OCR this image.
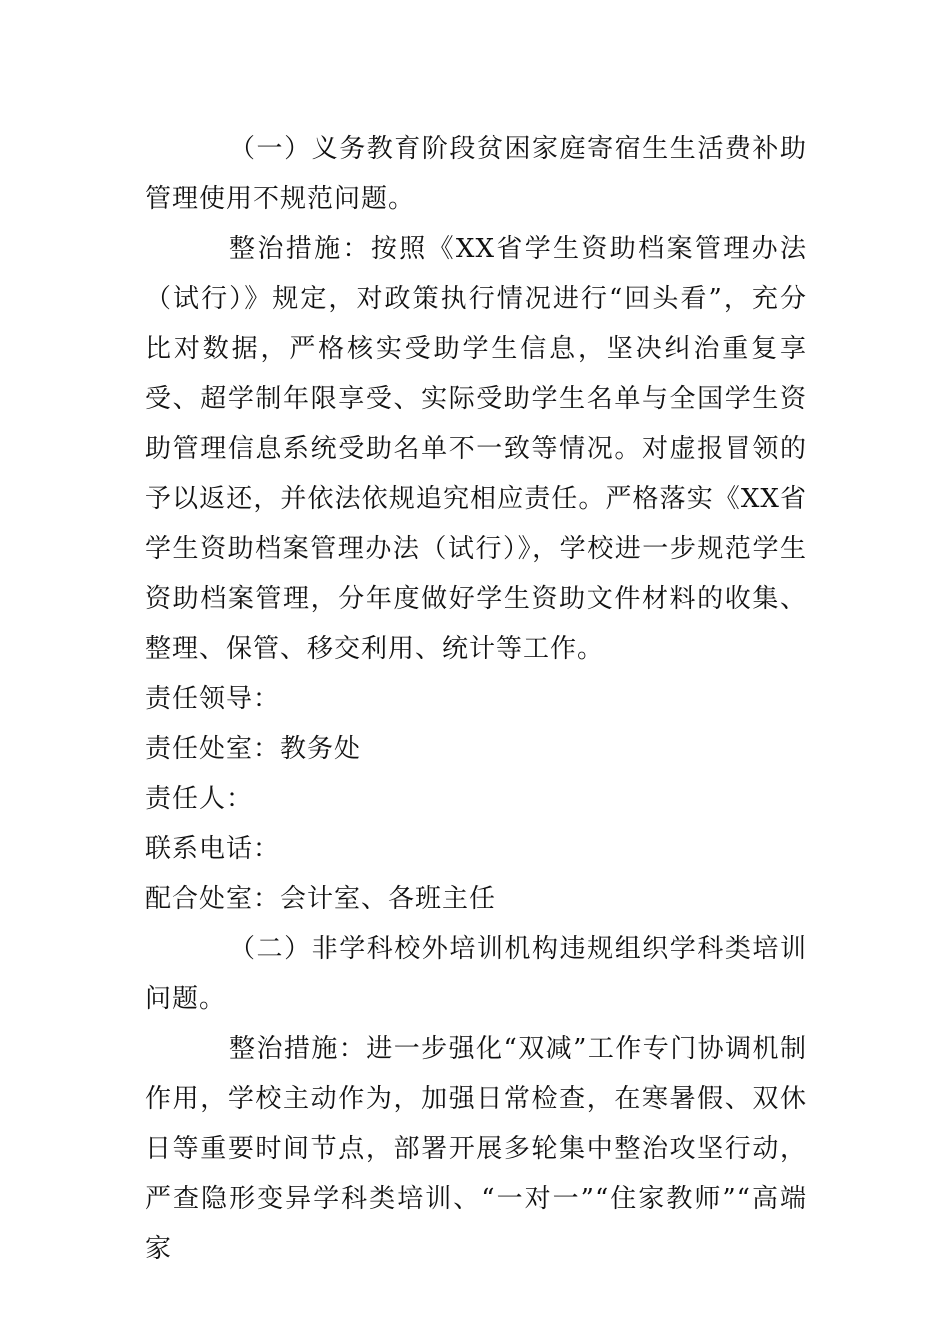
（一）义务教育阶段贫困家庭寄宿生生活费补助管理使用不规范问题。

整治措施：按照《XX省学生资助档案管理办法（试行）》规定，对政策执行情况进行“回头看”，充分比对数据，严格核实受助学生信息，坚决纠治重复享受、超学制年限享受、实际受助学生名单与全国学生资助管理信息系统受助名单不一致等情况。对虚报冒领的予以返还，并依法依规追究相应责任。严格落实《XX省学生资助档案管理办法（试行）》，学校进一步规范学生资助档案管理，分年度做好学生资助文件材料的收集、整理、保管、移交利用、统计等工作。

责任领导：

责任处室：教务处

责任人：

联系电话：

配合处室：会计室、各班主任

（二）非学科校外培训机构违规组织学科类培训问题。

整治措施：进一步强化“双减”工作专门协调机制作用，学校主动作为，加强日常检查，在寒暑假、双休日等重要时间节点，部署开展多轮集中整治攻坚行动，严查隐形变异学科类培训、“一对一”“住家教师”“高端家
